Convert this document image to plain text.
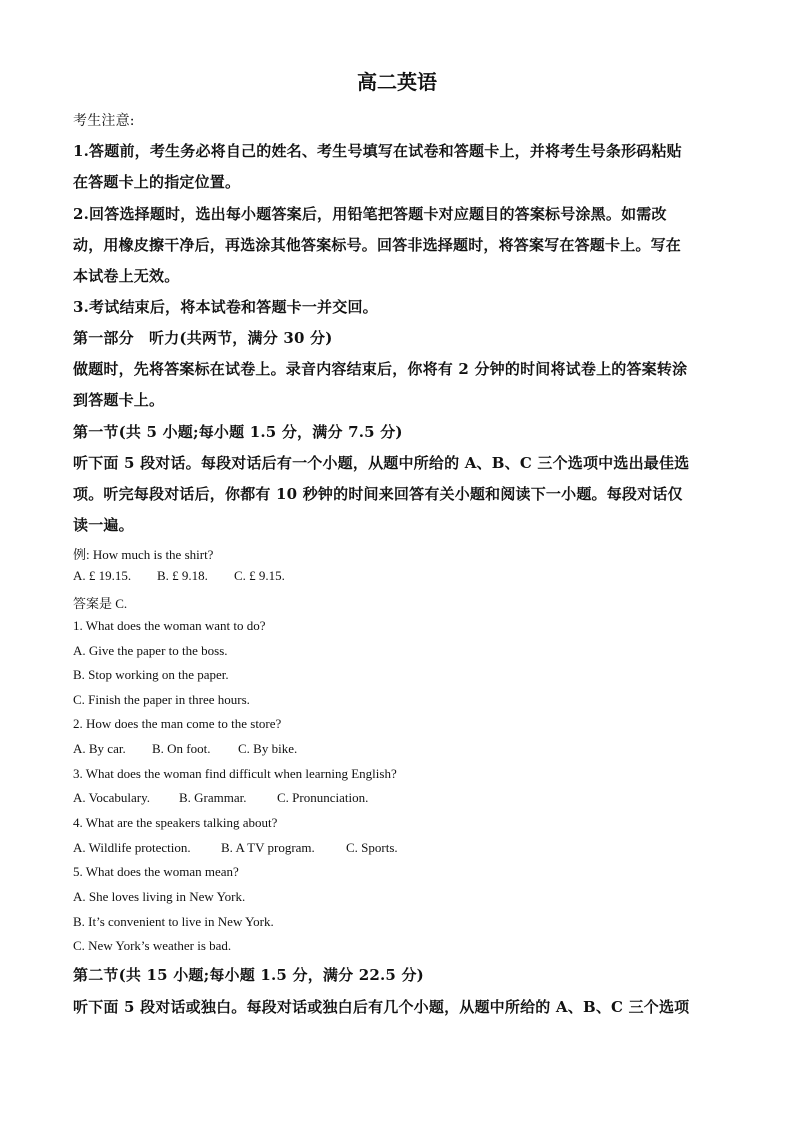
高二英语
考生注意:
1.答题前，考生务必将自己的姓名、考生号填写在试卷和答题卡上，并将考生号条形码粘贴
在答题卡上的指定位置。
2.回答选择题时，选出每小题答案后，用铅笔把答题卡对应题目的答案标号涂黑。如需改
动，用橡皮擦干净后，再选涂其他答案标号。回答非选择题时，将答案写在答题卡上。写在
本试卷上无效。
3.考试结束后，将本试卷和答题卡一并交回。
第一部分　听力(共两节，满分 30 分)
做题时，先将答案标在试卷上。录音内容结束后，你将有 2 分钟的时间将试卷上的答案转涂
到答题卡上。
第一节(共 5 小题;每小题 1.5 分，满分 7.5 分)
听下面 5 段对话。每段对话后有一个小题，从题中所给的 A、B、C 三个选项中选出最佳选
项。听完每段对话后，你都有 10 秒钟的时间来回答有关小题和阅读下一小题。每段对话仅
读一遍。
例: How much is the shirt?
A. £ 19.15. B. £ 9.18. C. £ 9.15.
答案是 C.
1. What does the woman want to do?
A. Give the paper to the boss.
B. Stop working on the paper.
C. Finish the paper in three hours.
2. How does the man come to the store?
A. By car. B. On foot. C. By bike.
3. What does the woman find difficult when learning English?
A. Vocabulary. B. Grammar. C. Pronunciation.
4. What are the speakers talking about?
A. Wildlife protection. B. A TV program. C. Sports.
5. What does the woman mean?
A. She loves living in New York.
B. It’s convenient to live in New York.
C. New York’s weather is bad.
第二节(共 15 小题;每小题 1.5 分，满分 22.5 分)
听下面 5 段对话或独白。每段对话或独白后有几个小题，从题中所给的 A、B、C 三个选项
